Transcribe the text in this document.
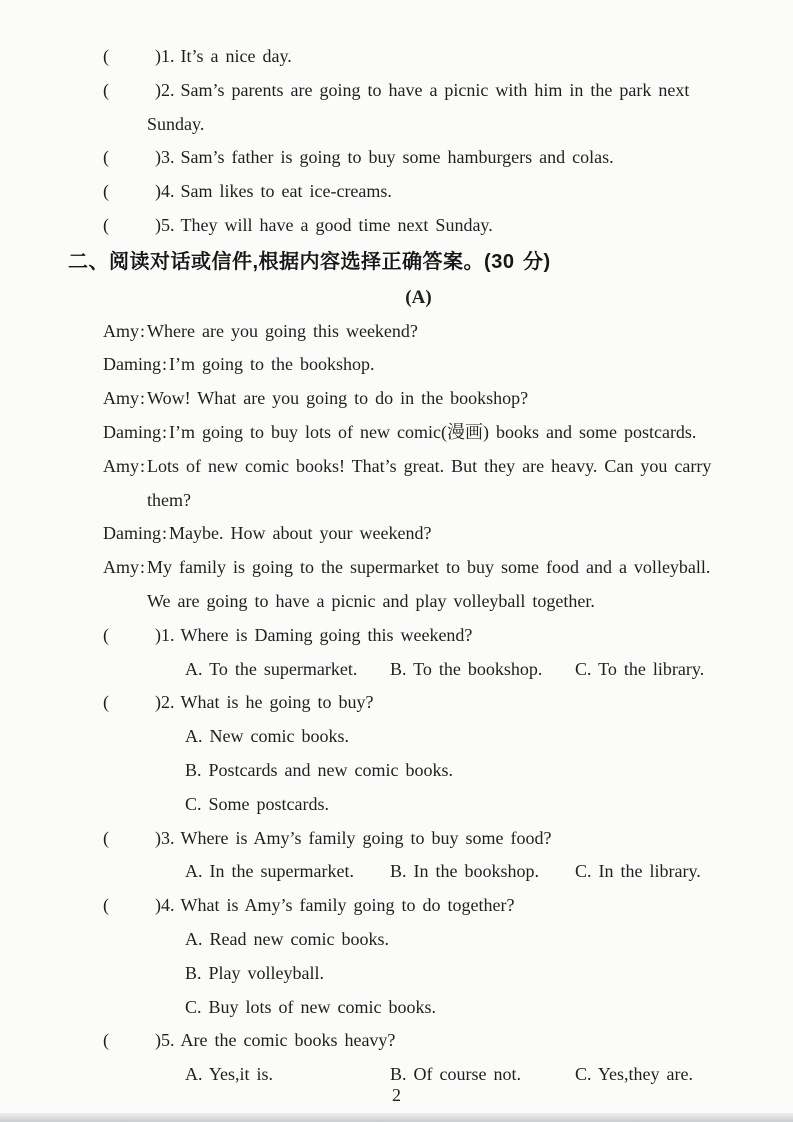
(	)1. It’s a nice day.
(	)2. Sam’s parents are going to have a picnic with him in the park next
Sunday.
(	)3. Sam’s father is going to buy some hamburgers and colas.
(	)4. Sam likes to eat ice-creams.
(	)5. They will have a good time next Sunday.
二、阅读对话或信件,根据内容选择正确答案。(30 分)
(A)
Amy: Where are you going this weekend?
Daming: I’m going to the bookshop.
Amy: Wow! What are you going to do in the bookshop?
Daming: I’m going to buy lots of new comic(漫画) books and some postcards.
Amy: Lots of new comic books! That’s great. But they are heavy. Can you carry
them?
Daming: Maybe. How about your weekend?
Amy: My family is going to the supermarket to buy some food and a volleyball.
We are going to have a picnic and play volleyball together.
(	)1. Where is Daming going this weekend?
A. To the supermarket. B. To the bookshop. C. To the library.
(	)2. What is he going to buy?
A. New comic books.
B. Postcards and new comic books.
C. Some postcards.
(	)3. Where is Amy’s family going to buy some food?
A. In the supermarket. B. In the bookshop. C. In the library.
(	)4. What is Amy’s family going to do together?
A. Read new comic books.
B. Play volleyball.
C. Buy lots of new comic books.
(	)5. Are the comic books heavy?
A. Yes,it is.	B. Of course not.	C. Yes,they are.
2
